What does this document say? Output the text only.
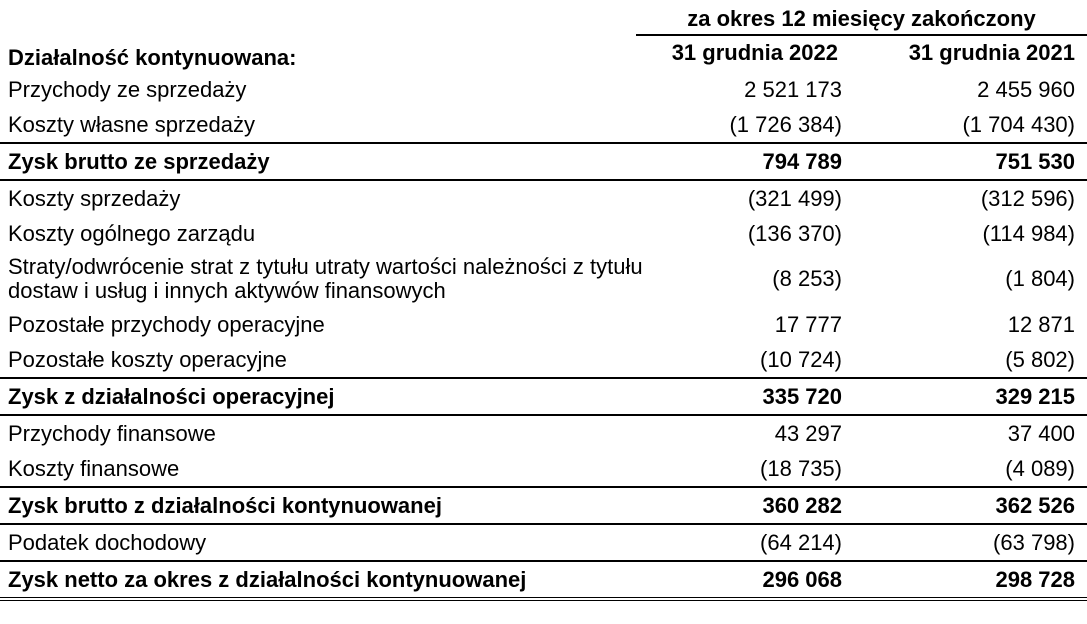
za okres 12 miesięcy zakończony
Działalność kontynuowana:	31 grudnia 2022	31 grudnia 2021
Przychody ze sprzedaży	2 521 173	2 455 960
Koszty własne sprzedaży	(1 726 384)	(1 704 430)
Zysk brutto ze sprzedaży	794 789	751 530
Koszty sprzedaży	(321 499)	(312 596)
Koszty ogólnego zarządu	(136 370)	(114 984)
Straty/odwrócenie strat z tytułu utraty wartości należności z tytułu dostaw i usług i innych aktywów finansowych	(8 253)	(1 804)
Pozostałe przychody operacyjne	17 777	12 871
Pozostałe koszty operacyjne	(10 724)	(5 802)
Zysk z działalności operacyjnej	335 720	329 215
Przychody finansowe	43 297	37 400
Koszty finansowe	(18 735)	(4 089)
Zysk brutto z działalności kontynuowanej	360 282	362 526
Podatek dochodowy	(64 214)	(63 798)
Zysk netto za okres z działalności kontynuowanej	296 068	298 728
